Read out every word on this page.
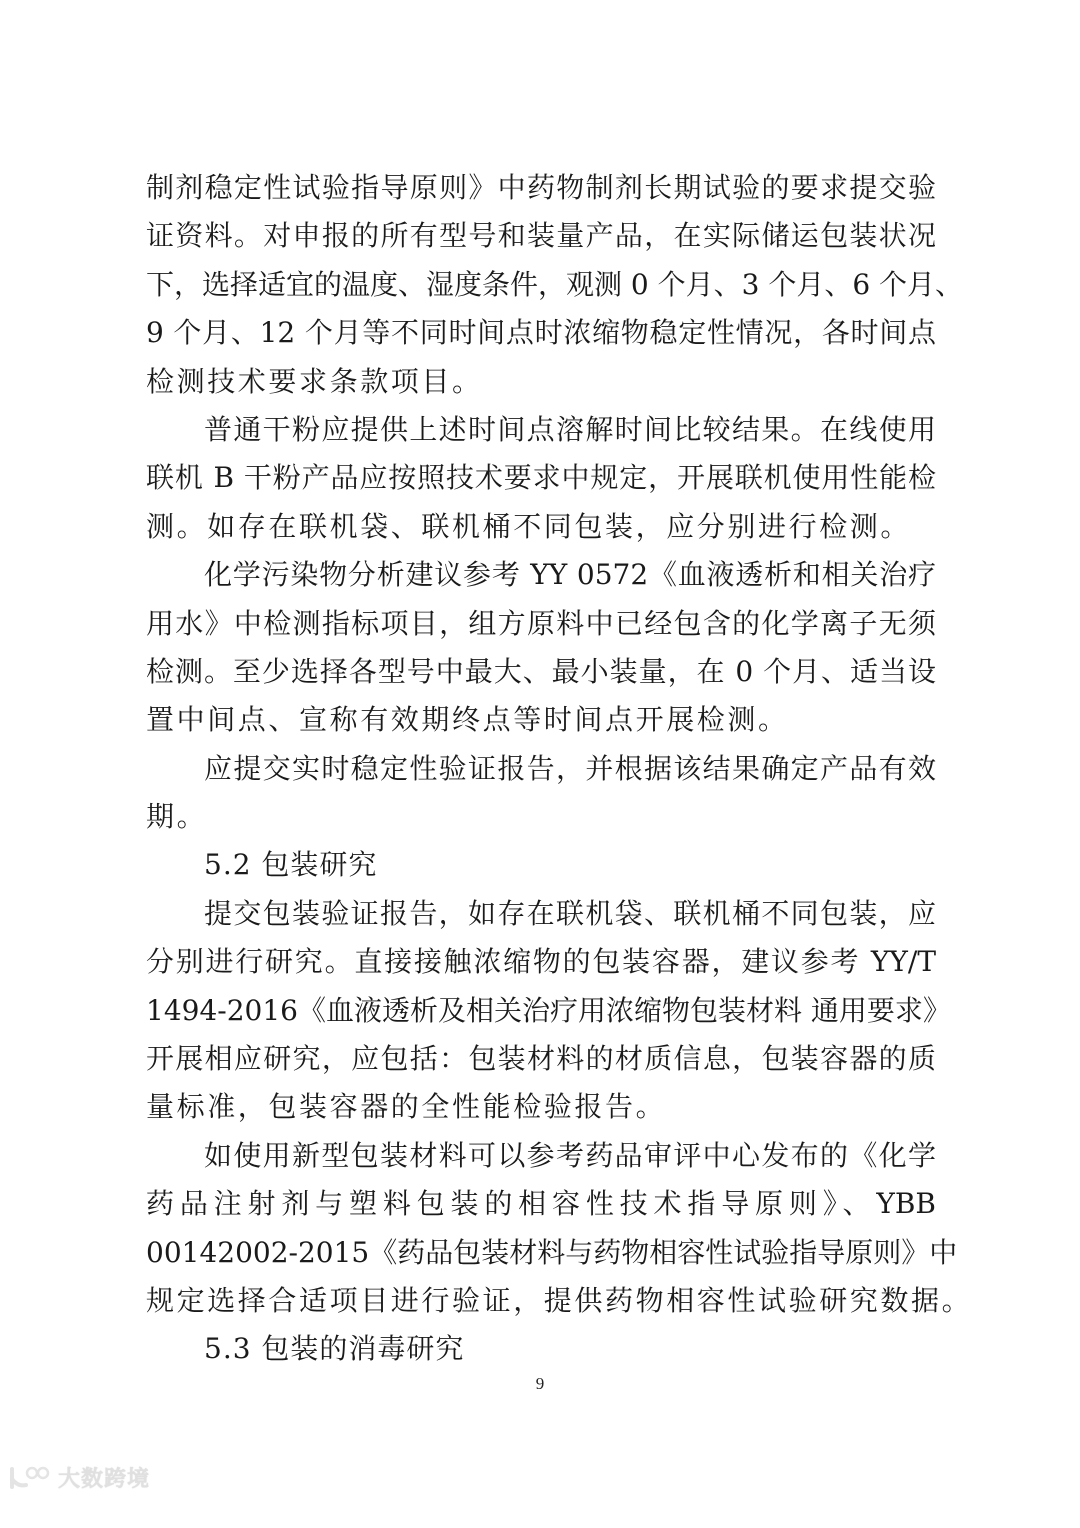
制剂稳定性试验指导原则》中药物制剂长期试验的要求提交验
证资料。对申报的所有型号和装量产品，在实际储运包装状况
下，选择适宜的温度、湿度条件，观测 0 个月、3 个月、6 个月、
9 个月、12 个月等不同时间点时浓缩物稳定性情况，各时间点
检测技术要求条款项目。
普通干粉应提供上述时间点溶解时间比较结果。在线使用
联机 B 干粉产品应按照技术要求中规定，开展联机使用性能检
测。如存在联机袋、联机桶不同包装，应分别进行检测。
化学污染物分析建议参考 YY 0572《血液透析和相关治疗
用水》中检测指标项目，组方原料中已经包含的化学离子无须
检测。至少选择各型号中最大、最小装量，在 0 个月、适当设
置中间点、宣称有效期终点等时间点开展检测。
应提交实时稳定性验证报告，并根据该结果确定产品有效
期。
5.2 包装研究
提交包装验证报告，如存在联机袋、联机桶不同包装，应
分别进行研究。直接接触浓缩物的包装容器，建议参考 YY/T
1494-2016《血液透析及相关治疗用浓缩物包装材料 通用要求》
开展相应研究，应包括：包装材料的材质信息，包装容器的质
量标准，包装容器的全性能检验报告。
如使用新型包装材料可以参考药品审评中心发布的《化学
药品注射剂与塑料包装的相容性技术指导原则》、YBB
00142002-2015《药品包装材料与药物相容性试验指导原则》中
规定选择合适项目进行验证，提供药物相容性试验研究数据。
5.3 包装的消毒研究
9
大数跨境
